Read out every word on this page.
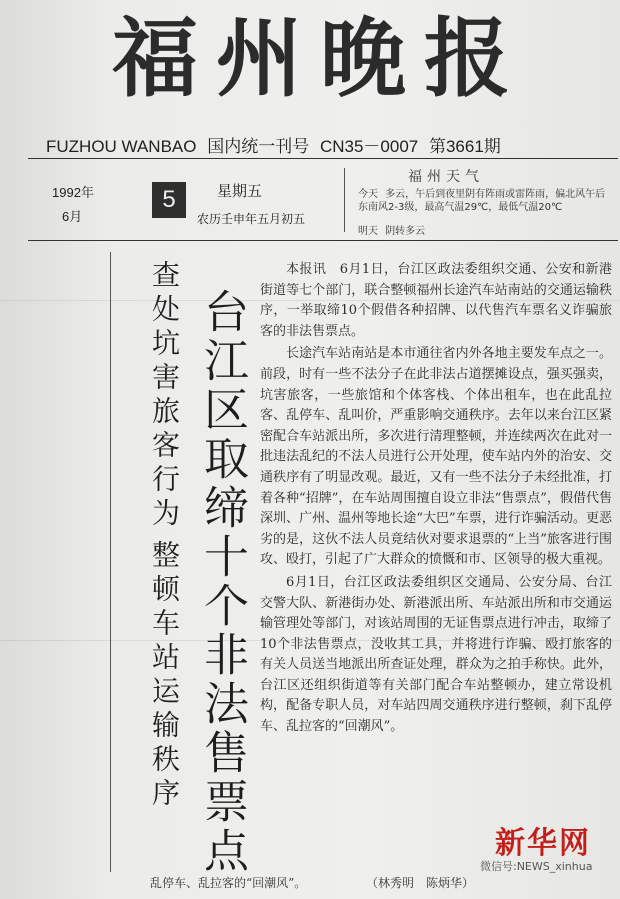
福州晚报
FUZHOU WANBAO 国内统一刊号 CN35－0007 第3661期
1992年
6月
5	星期五
农历壬申年五月初五
福州天气
今天 多云，午后到夜里阴有阵雨或雷阵雨，偏北风午后东南风2-3级，最高气温29℃，最低气温20℃
明天 阴转多云
查处坑害旅客行为
整顿车站运输秩序 台江区取缔十个非法售票点

本报讯　6月1日，台江区政法委组织交通、公安和新港街道等七个部门，联合整顿福州长途汽车站南站的交通运输秩序，一举取缔10个假借各种招牌、以代售汽车票名义诈骗旅客的非法售票点。

长途汽车站南站是本市通往省内外各地主要发车点之一。前段，时有一些不法分子在此非法占道摆摊设点，强买强卖，坑害旅客，一些旅馆和个体客栈、个体出租车，也在此乱拉客、乱停车、乱叫价，严重影响交通秩序。去年以来台江区紧密配合车站派出所，多次进行清理整顿，并连续两次在此对一批违法乱纪的不法人员进行公开处理，使车站内外的治安、交通秩序有了明显改观。最近，又有一些不法分子未经批准，打着各种“招牌”，在车站周围擅自设立非法“售票点”，假借代售深圳、广州、温州等地长途“大巴”车票，进行诈骗活动。更恶劣的是，这伙不法人员竟结伙对要求退票的“上当”旅客进行围攻、殴打，引起了广大群众的愤慨和市、区领导的极大重视。

6月1日，台江区政法委组织区交通局、公安分局、台江交警大队、新港街办处、新港派出所、车站派出所和市交通运输管理处等部门，对该站周围的无证售票点进行冲击，取缔了10个非法售票点，没收其工具，并将进行诈骗、殴打旅客的有关人员送当地派出所查证处理，群众为之拍手称快。此外，台江区还组织街道等有关部门配合车站整顿办，建立常设机构，配备专职人员，对车站四周交通秩序进行整顿，刹下乱停车、乱拉客的“回潮风”。

乱停车、乱拉客的“回潮风”。	（林秀明　陈炳华）
新华网
微信号:NEWS_xinhua
